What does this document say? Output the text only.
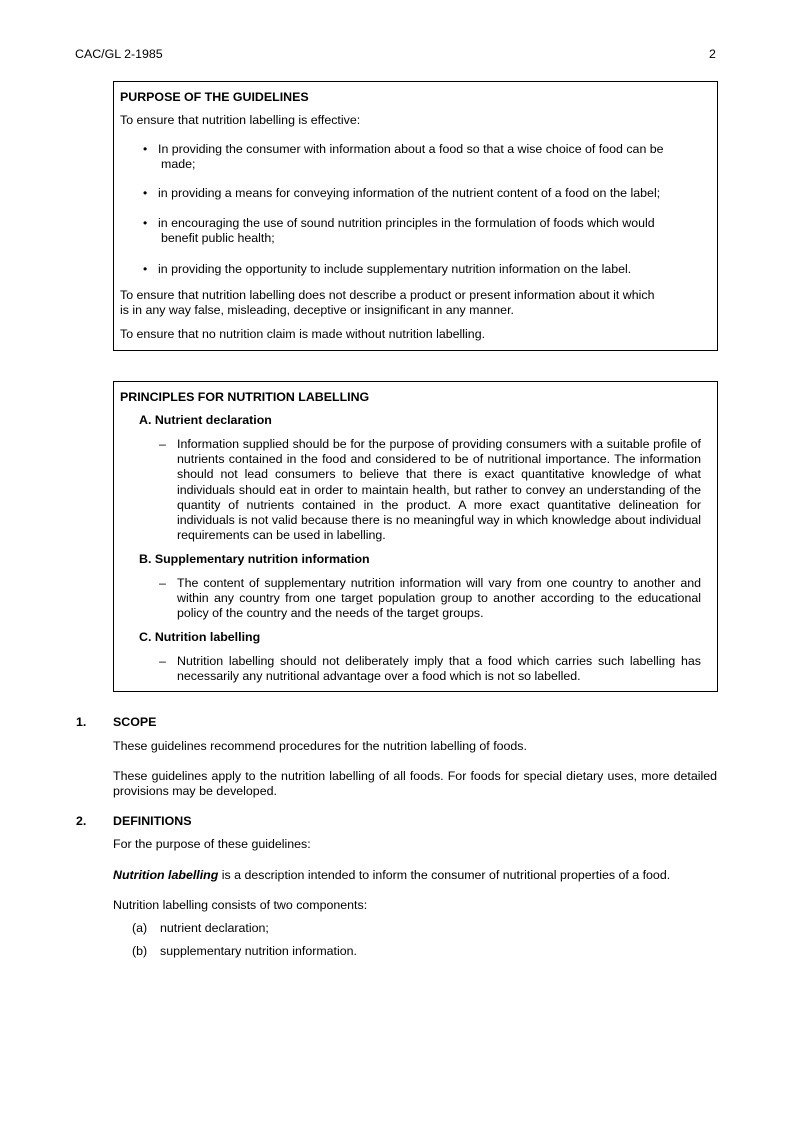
CAC/GL 2-1985	2
PURPOSE OF THE GUIDELINES
To ensure that nutrition labelling is effective:
• In providing the consumer with information about a food so that a wise choice of food can be
made;
• in providing a means for conveying information of the nutrient content of a food on the label;
• in encouraging the use of sound nutrition principles in the formulation of foods which would
benefit public health;
• in providing the opportunity to include supplementary nutrition information on the label.
To ensure that nutrition labelling does not describe a product or present information about it which
is in any way false, misleading, deceptive or insignificant in any manner.
To ensure that no nutrition claim is made without nutrition labelling.
PRINCIPLES FOR NUTRITION LABELLING
A. Nutrient declaration
– Information supplied should be for the purpose of providing consumers with a suitable profile of nutrients contained in the food and considered to be of nutritional importance. The information should not lead consumers to believe that there is exact quantitative knowledge of what individuals should eat in order to maintain health, but rather to convey an understanding of the quantity of nutrients contained in the product. A more exact quantitative delineation for individuals is not valid because there is no meaningful way in which knowledge about individual requirements can be used in labelling.
B. Supplementary nutrition information
– The content of supplementary nutrition information will vary from one country to another and within any country from one target population group to another according to the educational policy of the country and the needs of the target groups.
C. Nutrition labelling
– Nutrition labelling should not deliberately imply that a food which carries such labelling has necessarily any nutritional advantage over a food which is not so labelled.
1. SCOPE
These guidelines recommend procedures for the nutrition labelling of foods.
These guidelines apply to the nutrition labelling of all foods. For foods for special dietary uses, more detailed provisions may be developed.
2. DEFINITIONS
For the purpose of these guidelines:
Nutrition labelling is a description intended to inform the consumer of nutritional properties of a food.
Nutrition labelling consists of two components:
(a) nutrient declaration;
(b) supplementary nutrition information.
